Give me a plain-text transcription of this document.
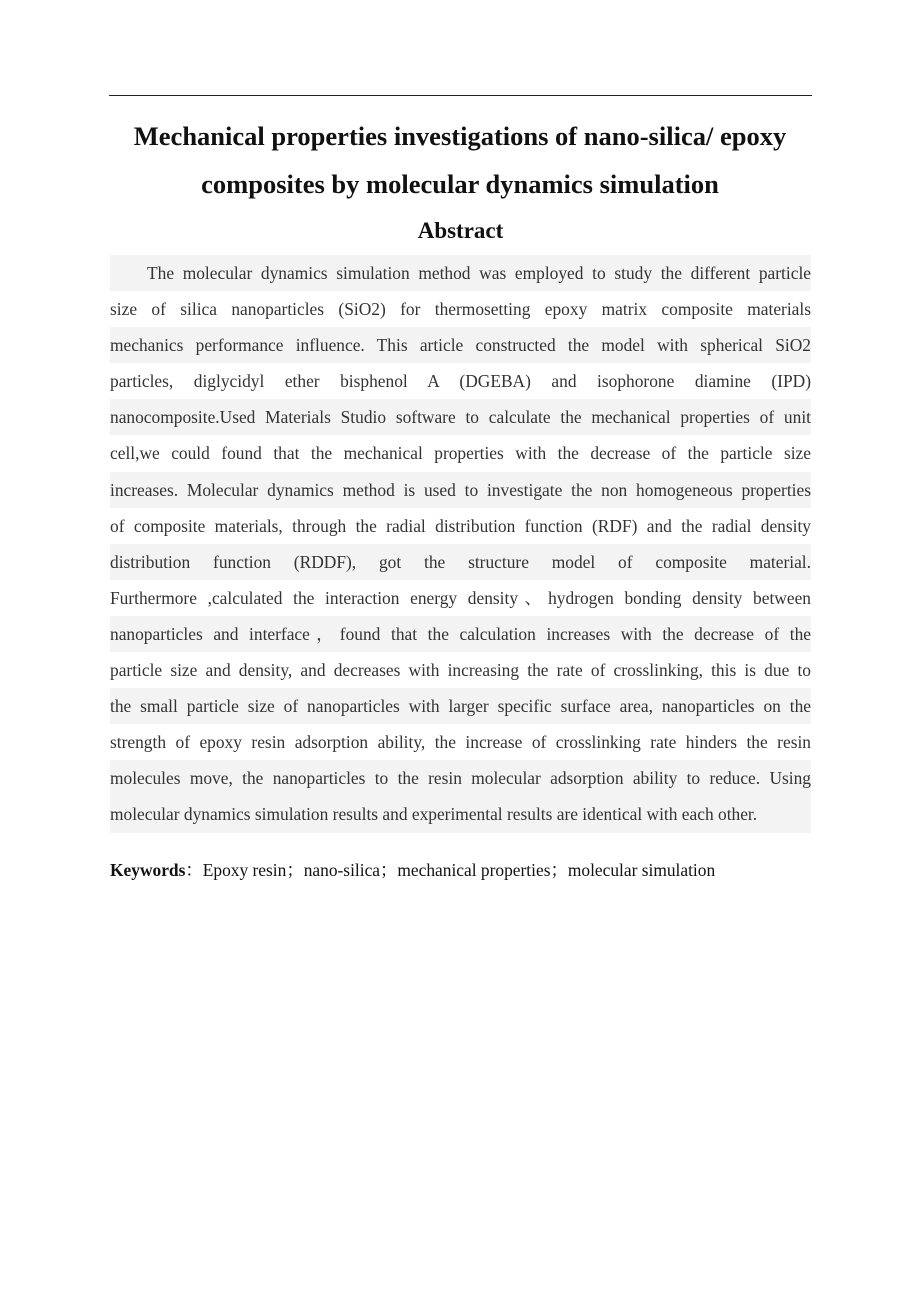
Mechanical properties investigations of nano-silica/ epoxy
composites by molecular dynamics simulation
Abstract
The molecular dynamics simulation method was employed to study the different particle
size of silica nanoparticles (SiO2) for thermosetting epoxy matrix composite materials
mechanics performance influence. This article constructed the model with spherical SiO2
particles, diglycidyl ether bisphenol A (DGEBA) and isophorone diamine (IPD)
nanocomposite.Used Materials Studio software to calculate the mechanical properties of unit
cell,we could found that the mechanical properties with the decrease of the particle size
increases. Molecular dynamics method is used to investigate the non homogeneous properties
of composite materials, through the radial distribution function (RDF) and the radial density
distribution function (RDDF), got the structure model of composite material.
Furthermore ,calculated the interaction energy density、hydrogen bonding density between
nanoparticles and interface，found that the calculation increases with the decrease of the
particle size and density, and decreases with increasing the rate of crosslinking, this is due to
the small particle size of nanoparticles with larger specific surface area, nanoparticles on the
strength of epoxy resin adsorption ability, the increase of crosslinking rate hinders the resin
molecules move, the nanoparticles to the resin molecular adsorption ability to reduce. Using
molecular dynamics simulation results and experimental results are identical with each other.

Keywords：Epoxy resin；nano-silica；mechanical properties；molecular simulation
